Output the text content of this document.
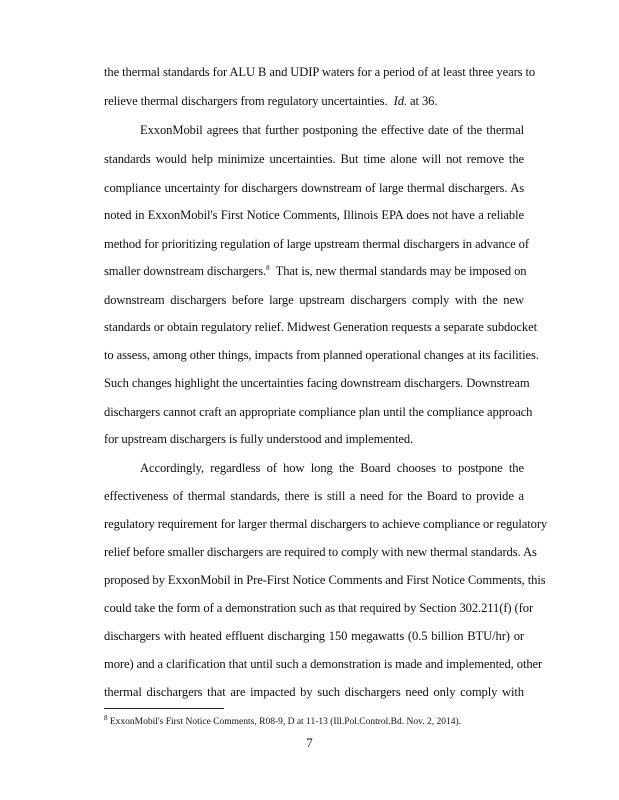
the thermal standards for ALU B and UDIP waters for a period of at least three years to
relieve thermal dischargers from regulatory uncertainties. Id. at 36.
ExxonMobil agrees that further postponing the effective date of the thermal
standards would help minimize uncertainties. But time alone will not remove the
compliance uncertainty for dischargers downstream of large thermal dischargers. As
noted in ExxonMobil's First Notice Comments, Illinois EPA does not have a reliable
method for prioritizing regulation of large upstream thermal dischargers in advance of
smaller downstream dischargers.$^8$ That is, new thermal standards may be imposed on
downstream dischargers before large upstream dischargers comply with the new
standards or obtain regulatory relief. Midwest Generation requests a separate subdocket
to assess, among other things, impacts from planned operational changes at its facilities.
Such changes highlight the uncertainties facing downstream dischargers. Downstream
dischargers cannot craft an appropriate compliance plan until the compliance approach
for upstream dischargers is fully understood and implemented.
Accordingly, regardless of how long the Board chooses to postpone the
effectiveness of thermal standards, there is still a need for the Board to provide a
regulatory requirement for larger thermal dischargers to achieve compliance or regulatory
relief before smaller dischargers are required to comply with new thermal standards. As
proposed by ExxonMobil in Pre-First Notice Comments and First Notice Comments, this
could take the form of a demonstration such as that required by Section 302.211(f) (for
dischargers with heated effluent discharging 150 megawatts (0.5 billion BTU/hr) or
more) and a clarification that until such a demonstration is made and implemented, other
thermal dischargers that are impacted by such dischargers need only comply with
$^8$ ExxonMobil's First Notice Comments, R08-9, D at 11-13 (Ill.Pol.Control.Bd. Nov. 2, 2014).
7
